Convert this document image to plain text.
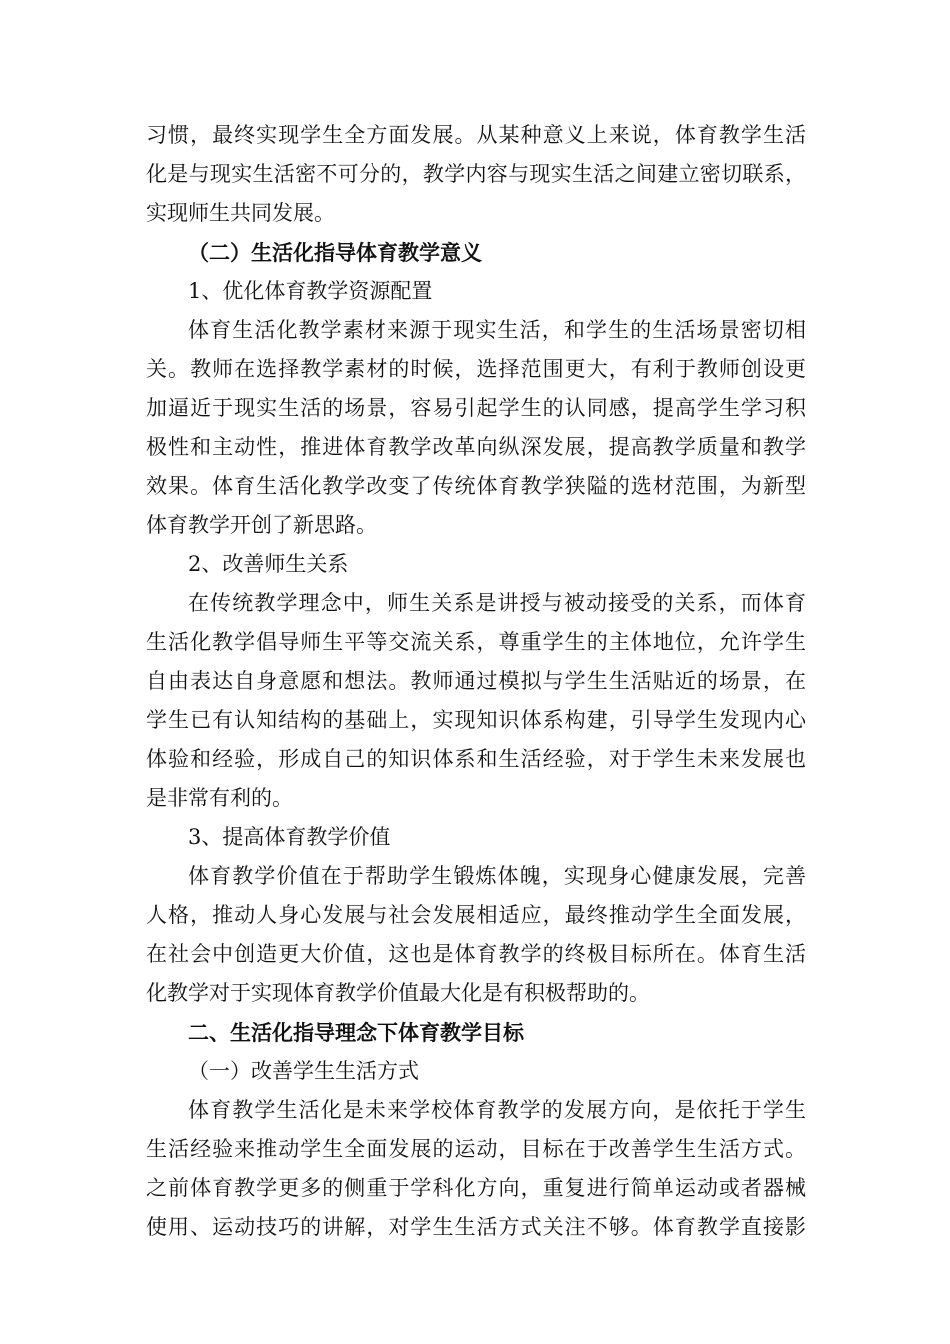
习惯，最终实现学生全方面发展。从某种意义上来说，体育教学生活
化是与现实生活密不可分的，教学内容与现实生活之间建立密切联系，
实现师生共同发展。
（二）生活化指导体育教学意义
1、优化体育教学资源配置
体育生活化教学素材来源于现实生活，和学生的生活场景密切相
关。教师在选择教学素材的时候，选择范围更大，有利于教师创设更
加逼近于现实生活的场景，容易引起学生的认同感，提高学生学习积
极性和主动性，推进体育教学改革向纵深发展，提高教学质量和教学
效果。体育生活化教学改变了传统体育教学狭隘的选材范围，为新型
体育教学开创了新思路。
2、改善师生关系
在传统教学理念中，师生关系是讲授与被动接受的关系，而体育
生活化教学倡导师生平等交流关系，尊重学生的主体地位，允许学生
自由表达自身意愿和想法。教师通过模拟与学生生活贴近的场景，在
学生已有认知结构的基础上，实现知识体系构建，引导学生发现内心
体验和经验，形成自己的知识体系和生活经验，对于学生未来发展也
是非常有利的。
3、提高体育教学价值
体育教学价值在于帮助学生锻炼体魄，实现身心健康发展，完善
人格，推动人身心发展与社会发展相适应，最终推动学生全面发展，
在社会中创造更大价值，这也是体育教学的终极目标所在。体育生活
化教学对于实现体育教学价值最大化是有积极帮助的。
二、生活化指导理念下体育教学目标
（一）改善学生生活方式
体育教学生活化是未来学校体育教学的发展方向，是依托于学生
生活经验来推动学生全面发展的运动，目标在于改善学生生活方式。
之前体育教学更多的侧重于学科化方向，重复进行简单运动或者器械
使用、运动技巧的讲解，对学生生活方式关注不够。体育教学直接影
